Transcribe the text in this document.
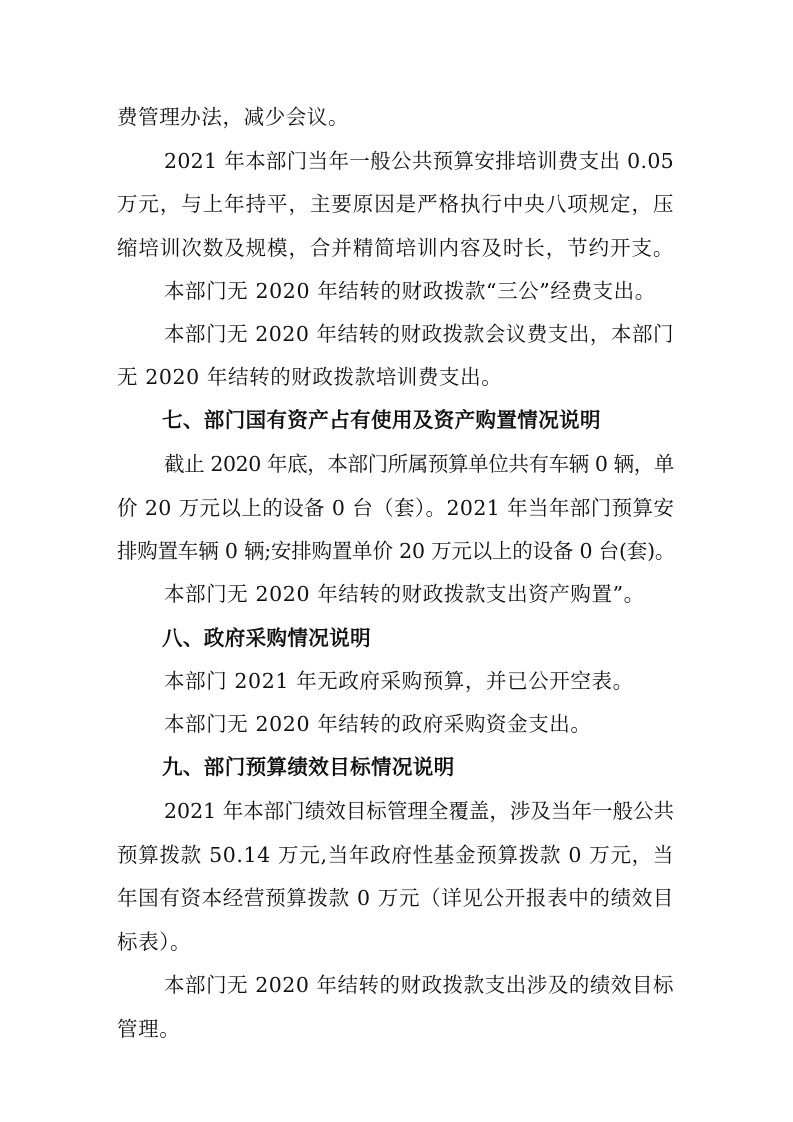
费管理办法，减少会议。
2021 年本部门当年一般公共预算安排培训费支出 0.05
万元，与上年持平，主要原因是严格执行中央八项规定，压
缩培训次数及规模，合并精简培训内容及时长，节约开支。
本部门无 2020 年结转的财政拨款“三公”经费支出。
本部门无 2020 年结转的财政拨款会议费支出，本部门
无 2020 年结转的财政拨款培训费支出。
七、部门国有资产占有使用及资产购置情况说明
截止 2020 年底，本部门所属预算单位共有车辆 0 辆，单
价 20 万元以上的设备 0 台（套）。2021 年当年部门预算安
排购置车辆 0 辆;安排购置单价 20 万元以上的设备 0 台(套)。
本部门无 2020 年结转的财政拨款支出资产购置”。
八、政府采购情况说明
本部门 2021 年无政府采购预算，并已公开空表。
本部门无 2020 年结转的政府采购资金支出。
九、部门预算绩效目标情况说明
2021 年本部门绩效目标管理全覆盖，涉及当年一般公共
预算拨款 50.14 万元,当年政府性基金预算拨款 0 万元，当
年国有资本经营预算拨款 0 万元（详见公开报表中的绩效目
标表）。
本部门无 2020 年结转的财政拨款支出涉及的绩效目标
管理。
